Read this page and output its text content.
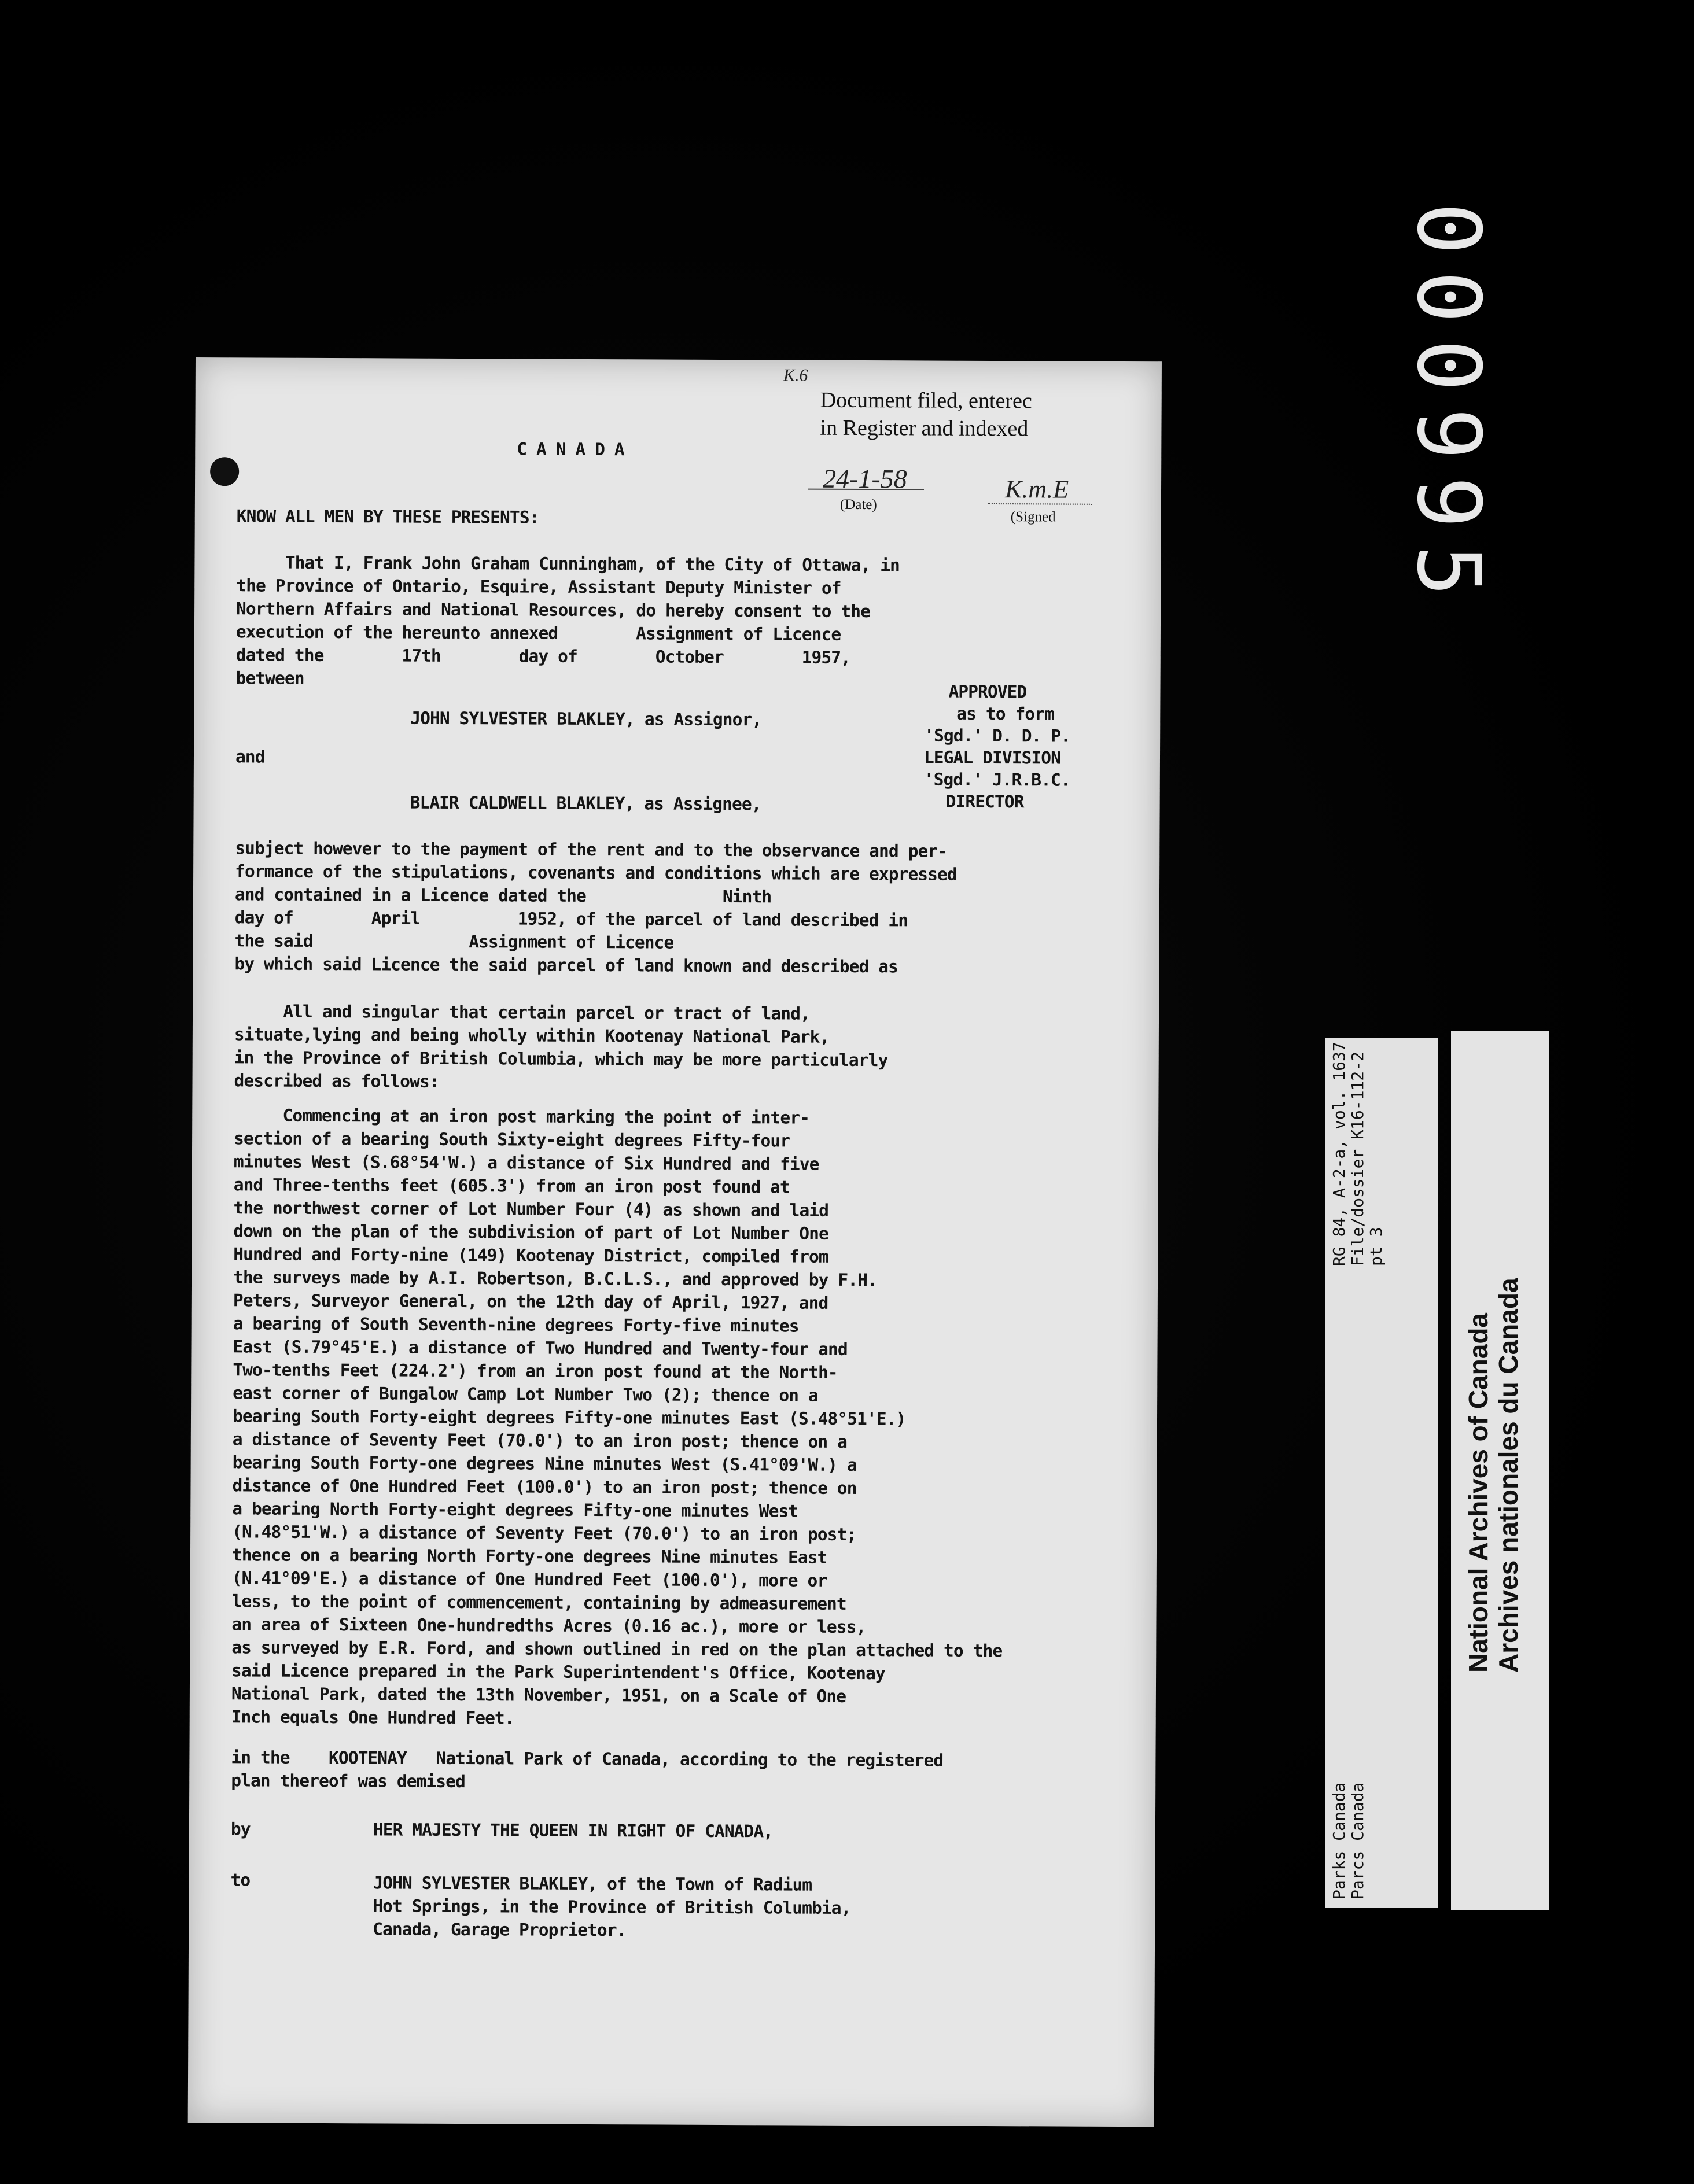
000995
K.6
Document filed, enterec
in Register and indexed
24-1-58
(Date)
K.m.E
(Signed
C A N A D A
KNOW ALL MEN BY THESE PRESENTS:
That I, Frank John Graham Cunningham, of the City of Ottawa, in
the Province of Ontario, Esquire, Assistant Deputy Minister of
Northern Affairs and National Resources, do hereby consent to the
execution of the hereunto annexed        Assignment of Licence
dated the        17th        day of        October        1957,
between
APPROVED
as to form
'Sgd.' D. D. P.
LEGAL DIVISION
'Sgd.' J.R.B.C.
DIRECTOR
JOHN SYLVESTER BLAKLEY, as Assignor,
and
BLAIR CALDWELL BLAKLEY, as Assignee,
subject however to the payment of the rent and to the observance and per-
formance of the stipulations, covenants and conditions which are expressed
and contained in a Licence dated the              Ninth
day of        April          1952, of the parcel of land described in
the said                Assignment of Licence
by which said Licence the said parcel of land known and described as
All and singular that certain parcel or tract of land,
situate,lying and being wholly within Kootenay National Park,
in the Province of British Columbia, which may be more particularly
described as follows:
Commencing at an iron post marking the point of inter-
section of a bearing South Sixty-eight degrees Fifty-four
minutes West (S.68°54'W.) a distance of Six Hundred and five
and Three-tenths feet (605.3') from an iron post found at
the northwest corner of Lot Number Four (4) as shown and laid
down on the plan of the subdivision of part of Lot Number One
Hundred and Forty-nine (149) Kootenay District, compiled from
the surveys made by A.I. Robertson, B.C.L.S., and approved by F.H.
Peters, Surveyor General, on the 12th day of April, 1927, and
a bearing of South Seventh-nine degrees Forty-five minutes
East (S.79°45'E.) a distance of Two Hundred and Twenty-four and
Two-tenths Feet (224.2') from an iron post found at the North-
east corner of Bungalow Camp Lot Number Two (2); thence on a
bearing South Forty-eight degrees Fifty-one minutes East (S.48°51'E.)
a distance of Seventy Feet (70.0') to an iron post; thence on a
bearing South Forty-one degrees Nine minutes West (S.41°09'W.) a
distance of One Hundred Feet (100.0') to an iron post; thence on
a bearing North Forty-eight degrees Fifty-one minutes West
(N.48°51'W.) a distance of Seventy Feet (70.0') to an iron post;
thence on a bearing North Forty-one degrees Nine minutes East
(N.41°09'E.) a distance of One Hundred Feet (100.0'), more or
less, to the point of commencement, containing by admeasurement
an area of Sixteen One-hundredths Acres (0.16 ac.), more or less,
as surveyed by E.R. Ford, and shown outlined in red on the plan attached to the
said Licence prepared in the Park Superintendent's Office, Kootenay
National Park, dated the 13th November, 1951, on a Scale of One
Inch equals One Hundred Feet.
in the    KOOTENAY   National Park of Canada, according to the registered
plan thereof was demised
by	HER MAJESTY THE QUEEN IN RIGHT OF CANADA,
to	JOHN SYLVESTER BLAKLEY, of the Town of Radium
Hot Springs, in the Province of British Columbia,
Canada, Garage Proprietor.
RG 84, A-2-a, vol. 1637 File/dossier K16-112-2 pt 3
Parks Canada Parcs Canada
National Archives of Canada Archives nationales du Canada
